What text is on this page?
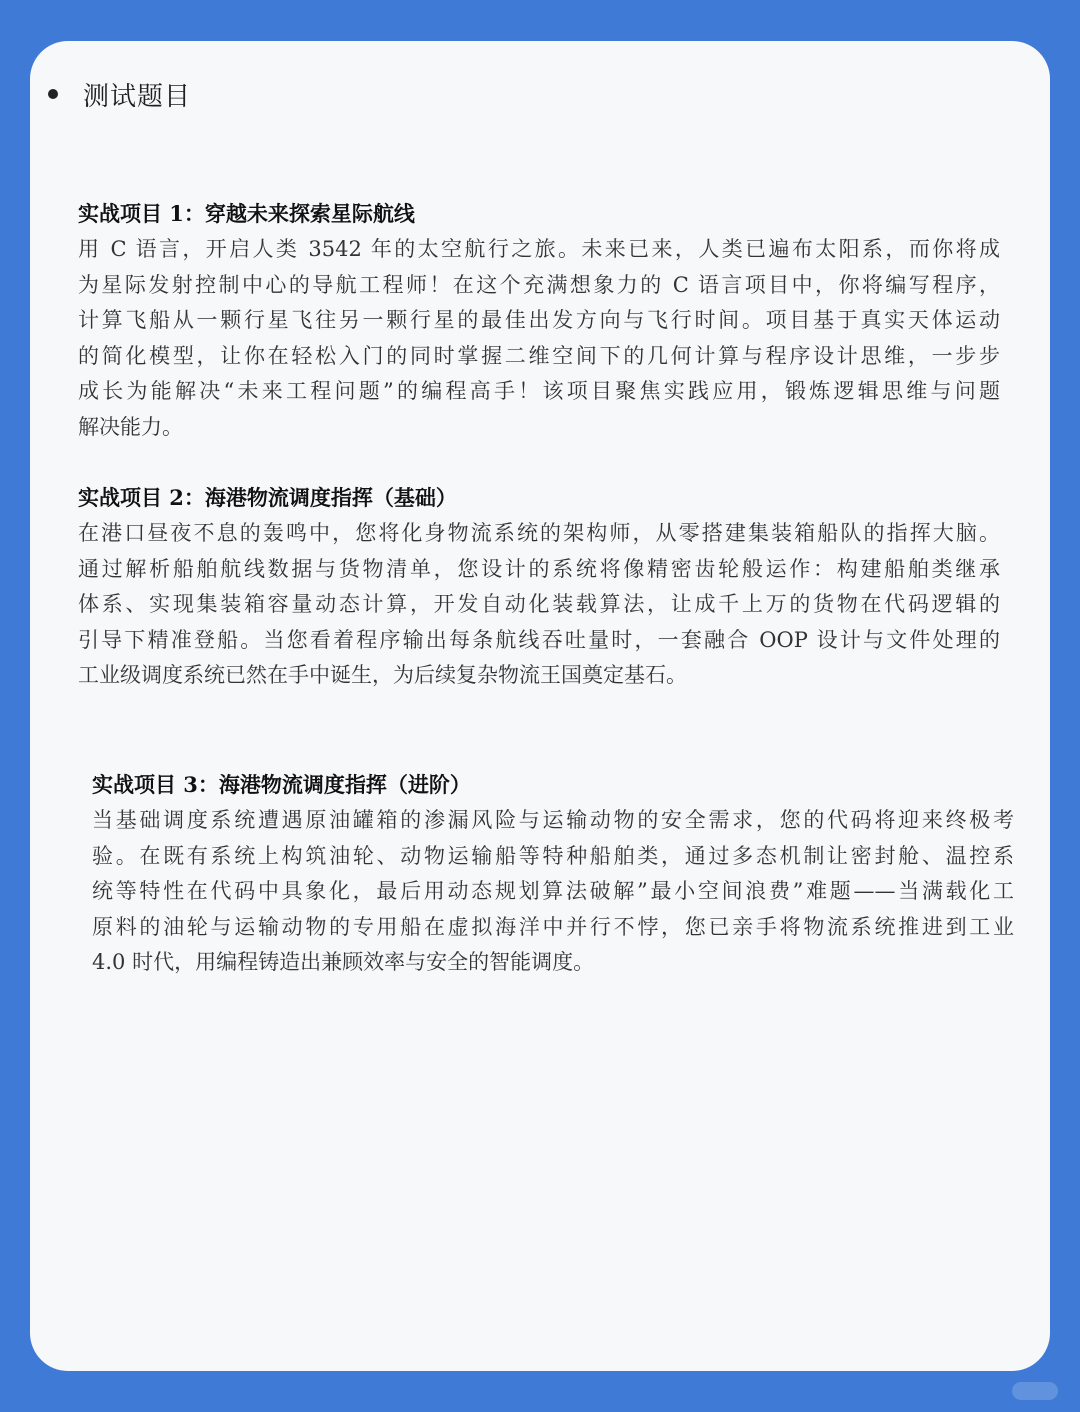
测试题目
实战项目 1：穿越未来探索星际航线
用 C 语言，开启人类 3542 年的太空航行之旅。未来已来，人类已遍布太阳系，而你将成
为星际发射控制中心的导航工程师！在这个充满想象力的 C 语言项目中，你将编写程序，
计算飞船从一颗行星飞往另一颗行星的最佳出发方向与飞行时间。项目基于真实天体运动
的简化模型，让你在轻松入门的同时掌握二维空间下的几何计算与程序设计思维，一步步
成长为能解决“未来工程问题”的编程高手！该项目聚焦实践应用，锻炼逻辑思维与问题
解决能力。
实战项目 2：海港物流调度指挥（基础）
在港口昼夜不息的轰鸣中，您将化身物流系统的架构师，从零搭建集装箱船队的指挥大脑。
通过解析船舶航线数据与货物清单，您设计的系统将像精密齿轮般运作：构建船舶类继承
体系、实现集装箱容量动态计算，开发自动化装载算法，让成千上万的货物在代码逻辑的
引导下精准登船。当您看着程序输出每条航线吞吐量时，一套融合 OOP 设计与文件处理的
工业级调度系统已然在手中诞生，为后续复杂物流王国奠定基石。
实战项目 3：海港物流调度指挥（进阶）
当基础调度系统遭遇原油罐箱的渗漏风险与运输动物的安全需求，您的代码将迎来终极考
验。在既有系统上构筑油轮、动物运输船等特种船舶类，通过多态机制让密封舱、温控系
统等特性在代码中具象化，最后用动态规划算法破解”最小空间浪费”难题——当满载化工
原料的油轮与运输动物的专用船在虚拟海洋中并行不悖，您已亲手将物流系统推进到工业
4.0 时代，用编程铸造出兼顾效率与安全的智能调度。
